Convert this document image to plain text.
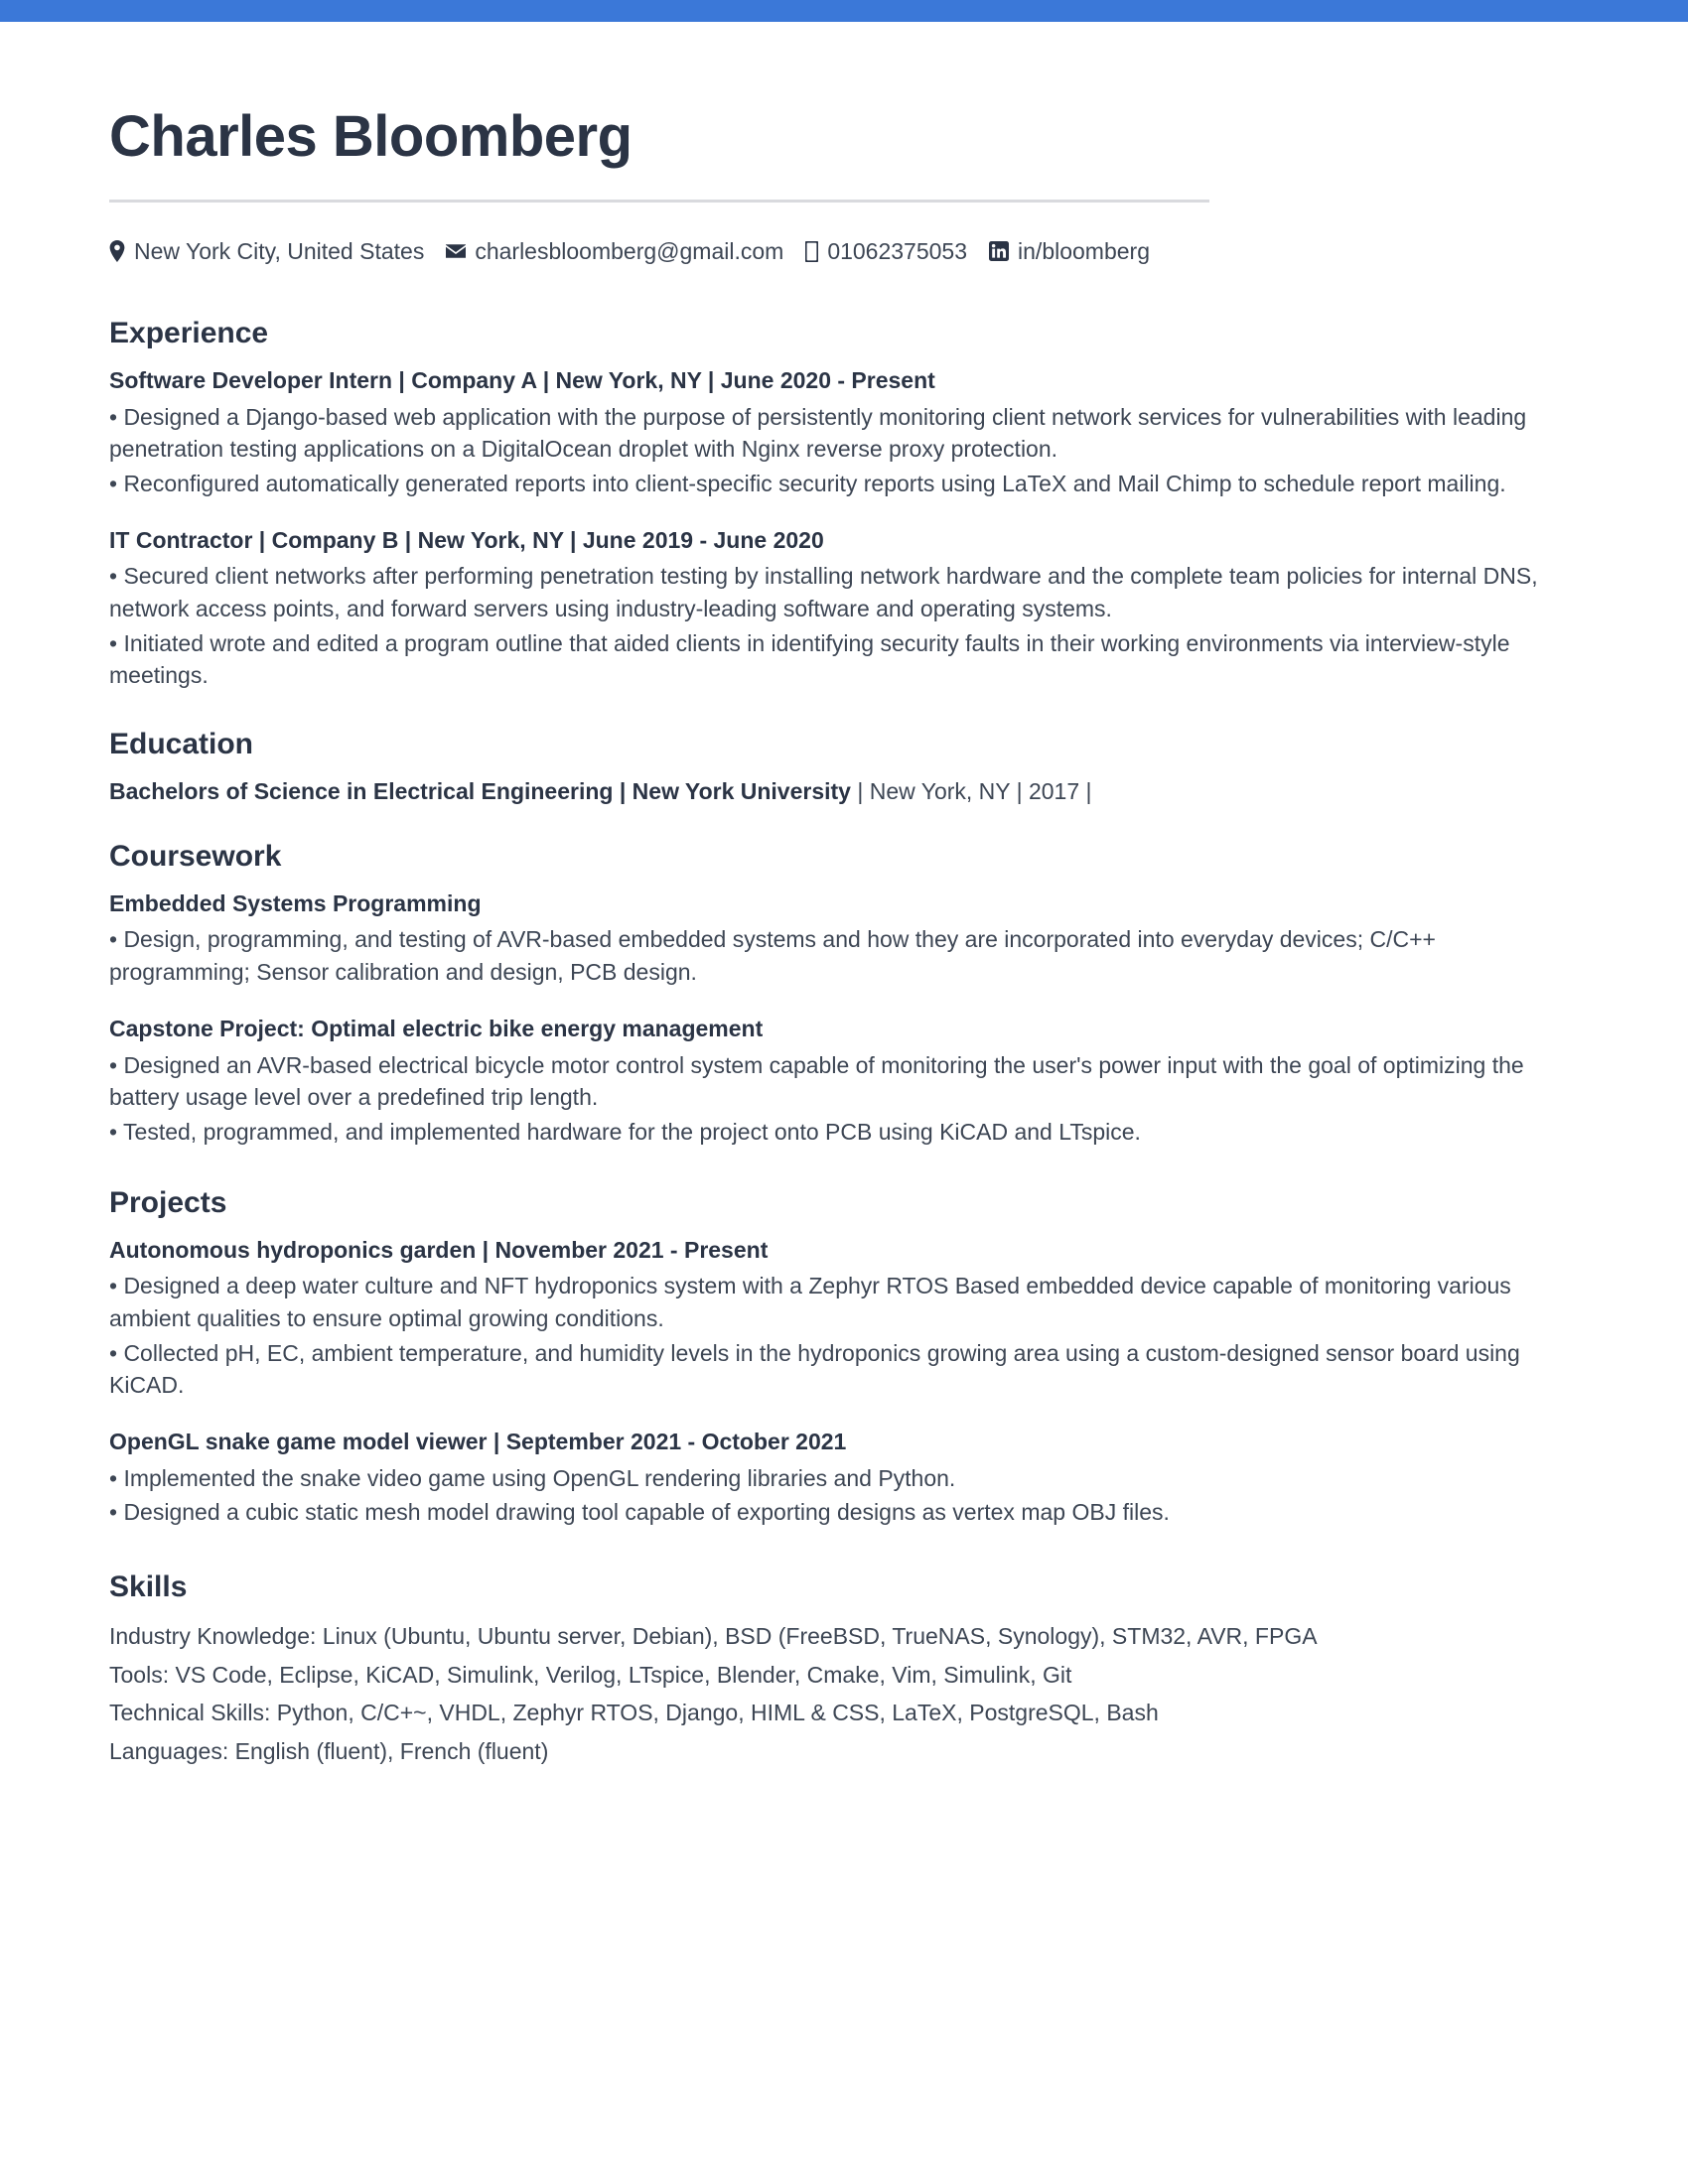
Charles Bloomberg
New York City, United States charlesbloomberg@gmail.com 01062375053 in/bloomberg
Experience
Software Developer Intern | Company A | New York, NY | June 2020 - Present

• Designed a Django-based web application with the purpose of persistently monitoring client network services for vulnerabilities with leading penetration testing applications on a DigitalOcean droplet with Nginx reverse proxy protection.

• Reconfigured automatically generated reports into client-specific security reports using LaTeX and Mail Chimp to schedule report mailing.

IT Contractor | Company B | New York, NY | June 2019 - June 2020

• Secured client networks after performing penetration testing by installing network hardware and the complete team policies for internal DNS, network access points, and forward servers using industry-leading software and operating systems.

• Initiated wrote and edited a program outline that aided clients in identifying security faults in their working environments via interview-style meetings.

Education
Bachelors of Science in Electrical Engineering | New York University | New York, NY | 2017 |
Coursework
Embedded Systems Programming

• Design, programming, and testing of AVR-based embedded systems and how they are incorporated into everyday devices; C/C++ programming; Sensor calibration and design, PCB design.

Capstone Project: Optimal electric bike energy management

• Designed an AVR-based electrical bicycle motor control system capable of monitoring the user's power input with the goal of optimizing the battery usage level over a predefined trip length.

• Tested, programmed, and implemented hardware for the project onto PCB using KiCAD and LTspice.

Projects
Autonomous hydroponics garden | November 2021 - Present

• Designed a deep water culture and NFT hydroponics system with a Zephyr RTOS Based embedded device capable of monitoring various ambient qualities to ensure optimal growing conditions.

• Collected pH, EC, ambient temperature, and humidity levels in the hydroponics growing area using a custom-designed sensor board using KiCAD.

OpenGL snake game model viewer | September 2021 - October 2021

• Implemented the snake video game using OpenGL rendering libraries and Python.

• Designed a cubic static mesh model drawing tool capable of exporting designs as vertex map OBJ files.

Skills

Industry Knowledge: Linux (Ubuntu, Ubuntu server, Debian), BSD (FreeBSD, TrueNAS, Synology), STM32, AVR, FPGA

Tools: VS Code, Eclipse, KiCAD, Simulink, Verilog, LTspice, Blender, Cmake, Vim, Simulink, Git

Technical Skills: Python, C/C+~, VHDL, Zephyr RTOS, Django, HIML & CSS, LaTeX, PostgreSQL, Bash

Languages: English (fluent), French (fluent)
